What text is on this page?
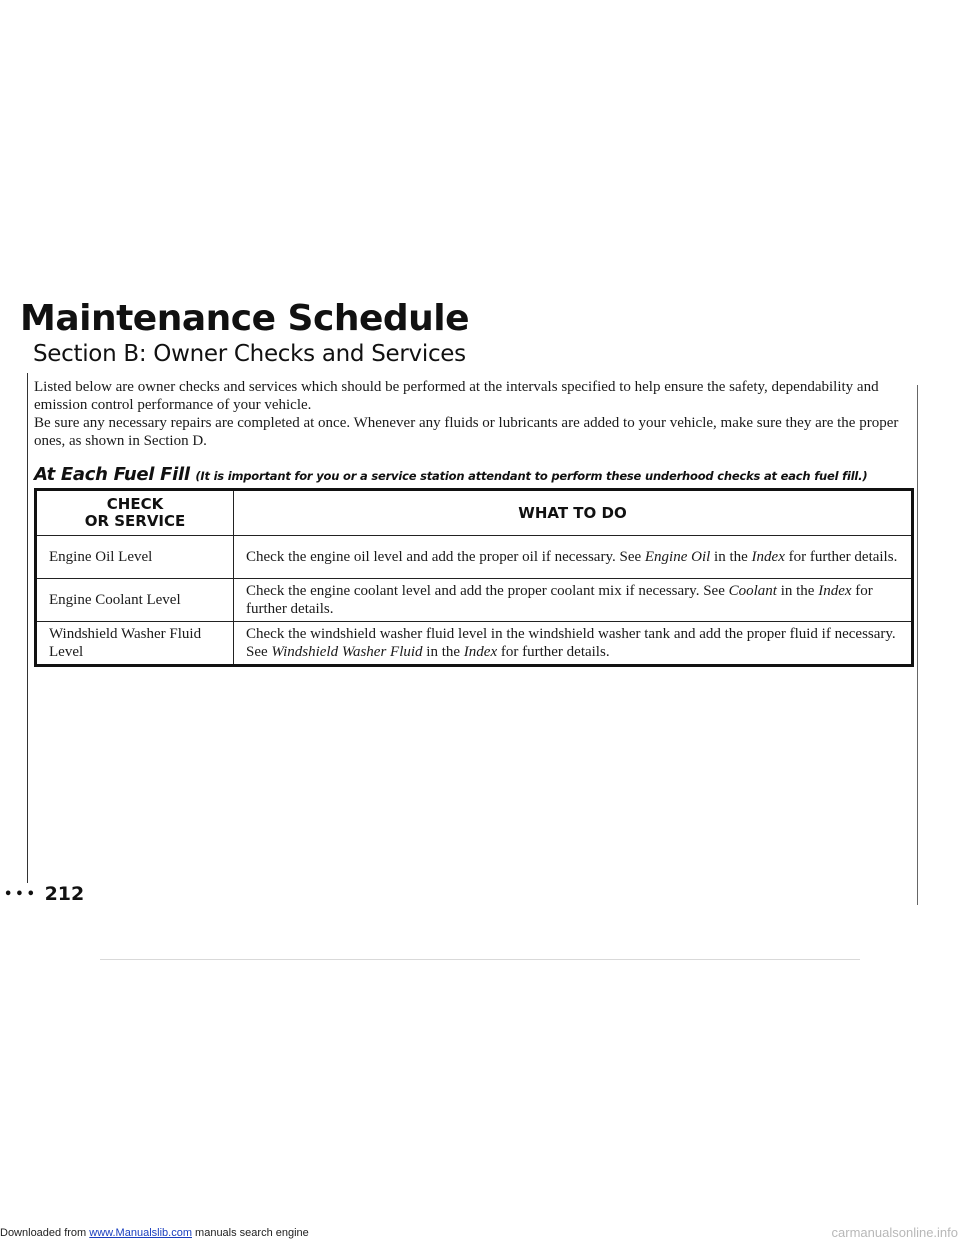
Maintenance Schedule
Section B: Owner Checks and Services

Listed below are owner checks and services which should be performed at the intervals specified to help ensure the safety, dependability and emission control performance of your vehicle.

Be sure any necessary repairs are completed at once. Whenever any fluids or lubricants are added to your vehicle, make sure they are the proper ones, as shown in Section D.

At Each Fuel Fill (It is important for you or a service station attendant to perform these underhood checks at each fuel fill.)
CHECK
OR SERVICE	WHAT TO DO
Engine Oil Level	Check the engine oil level and add the proper oil if necessary. See Engine Oil in the Index for further details.
Engine Coolant Level	Check the engine coolant level and add the proper coolant mix if necessary. See Coolant in the Index for further details.
Windshield Washer Fluid Level	Check the windshield washer fluid level in the windshield washer tank and add the proper fluid if necessary. See Windshield Washer Fluid in the Index for further details.
••• 212
Downloaded from www.Manualslib.com manuals search engine	carmanualsonline.info
